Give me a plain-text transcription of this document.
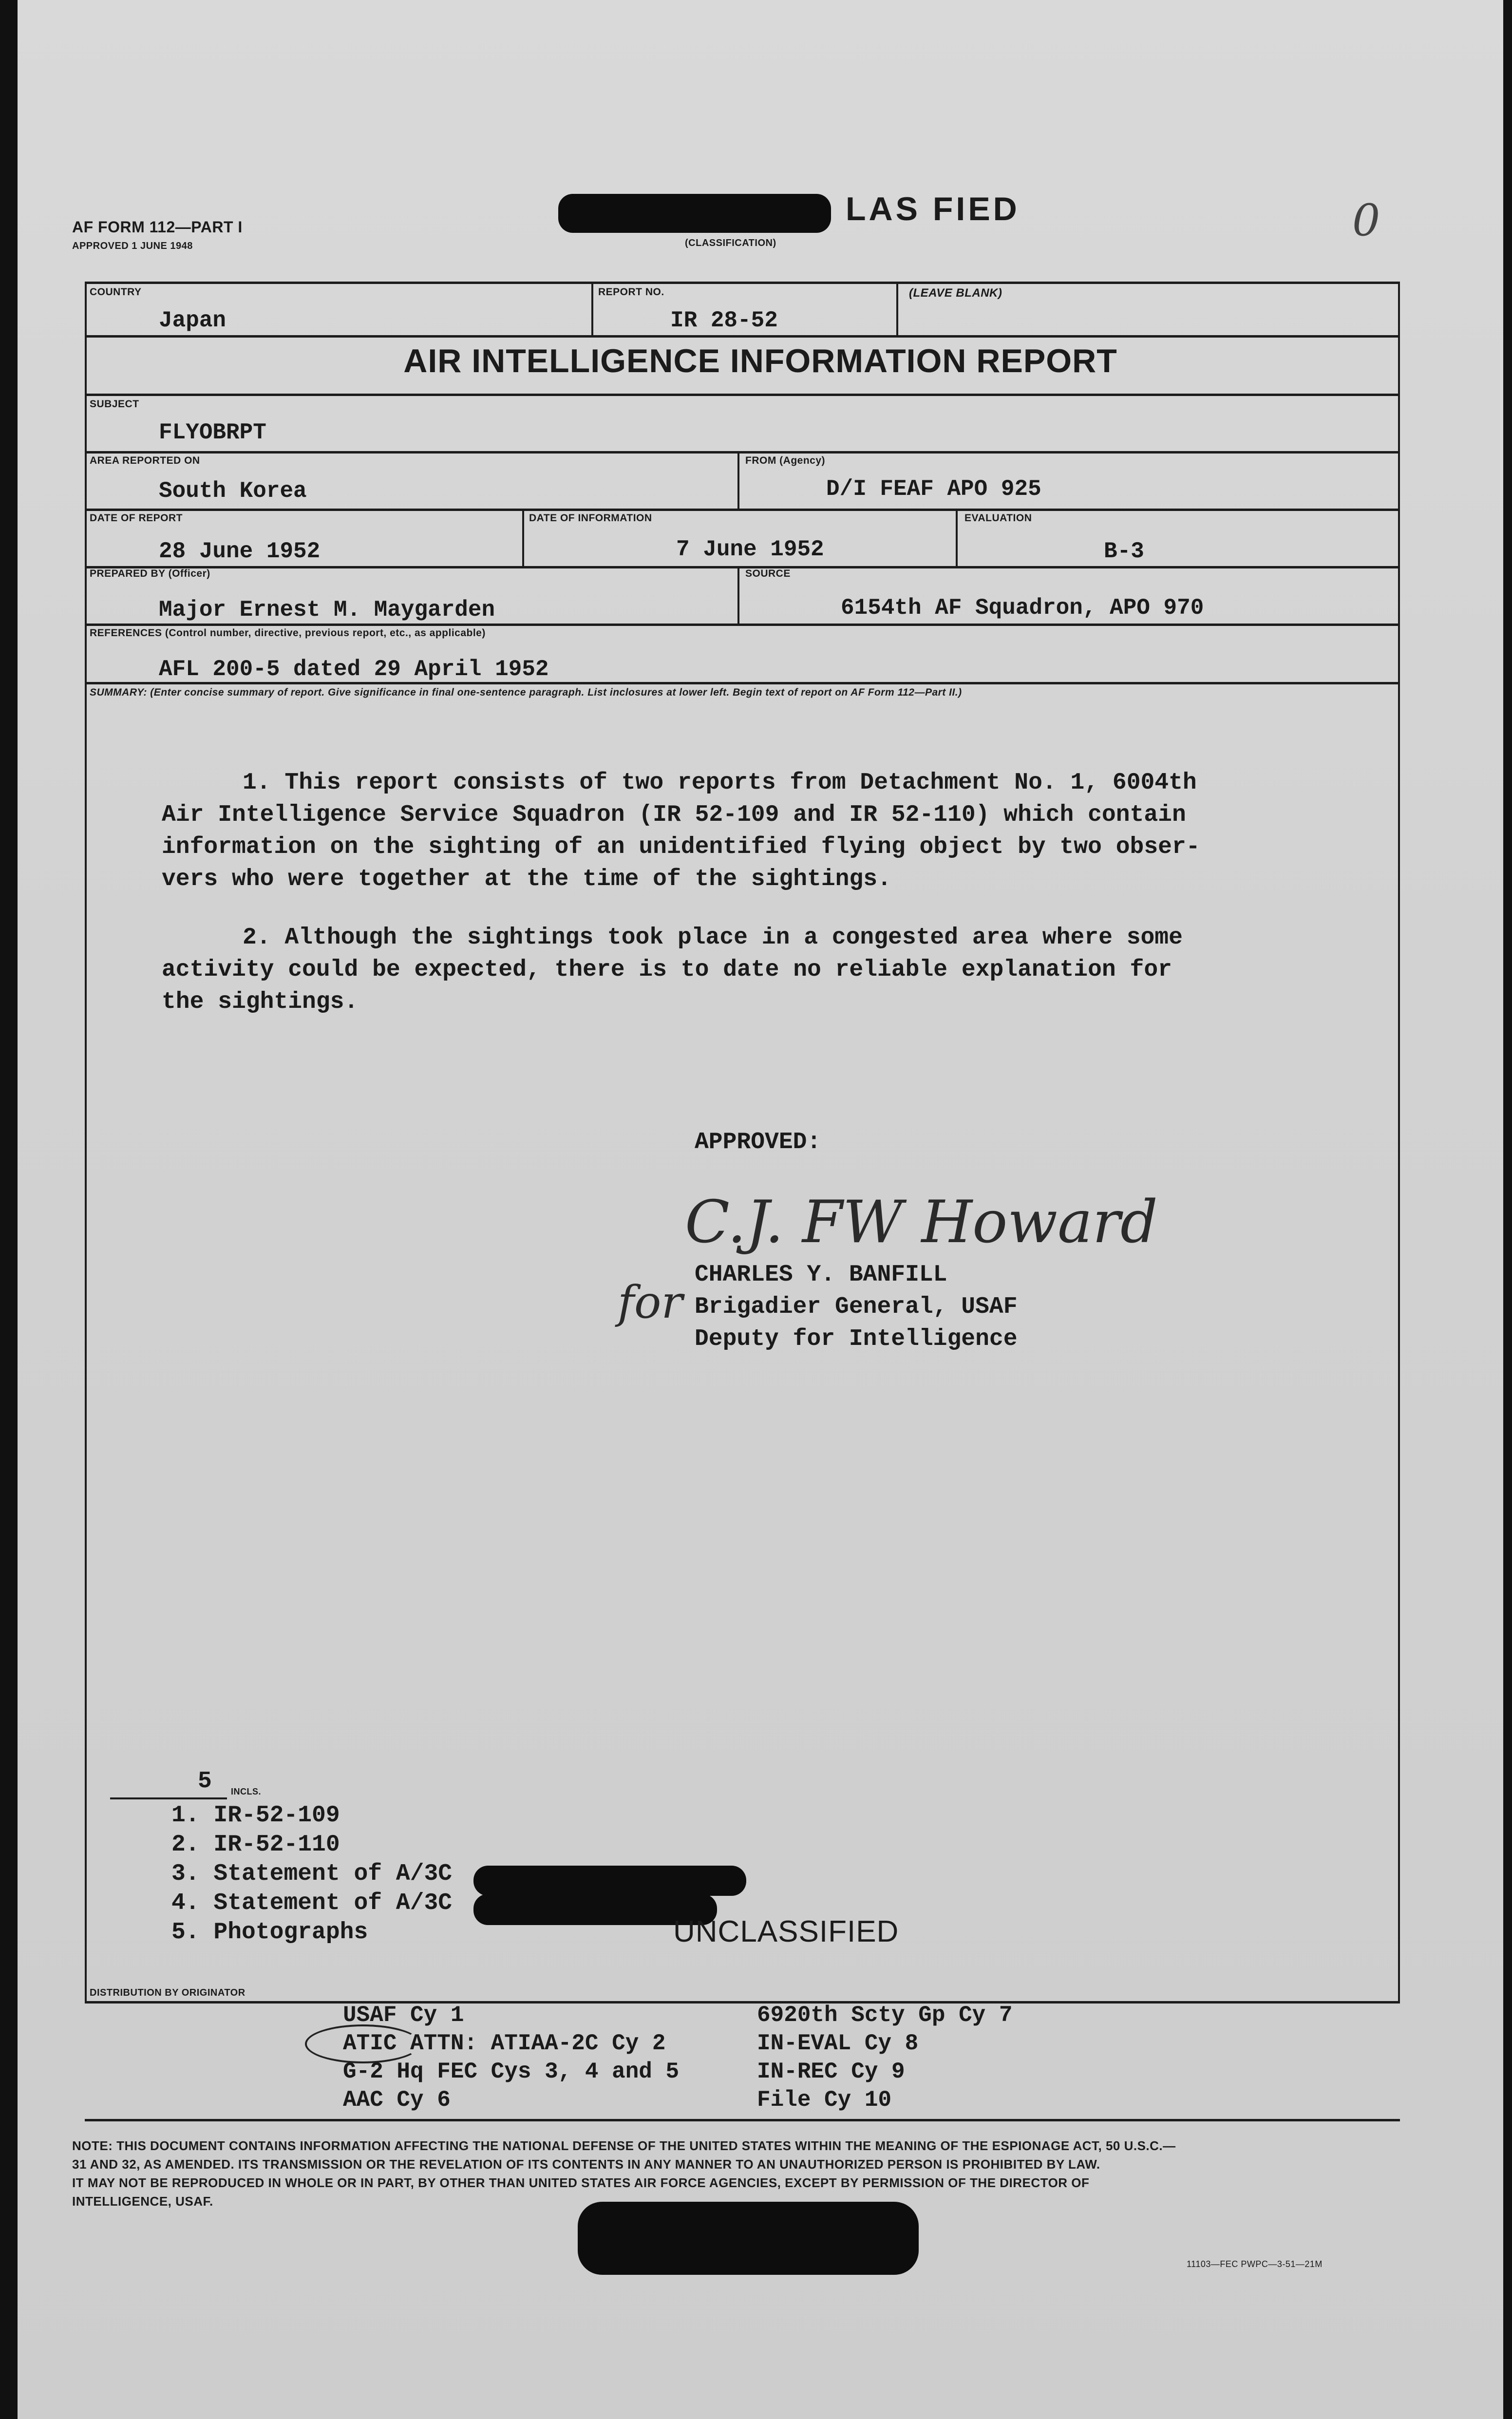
AF FORM 112—PART I
APPROVED 1 JUNE 1948
LAS FIED
(CLASSIFICATION)	0
COUNTRY
Japan
REPORT NO.
IR 28-52
(LEAVE BLANK)
AIR INTELLIGENCE INFORMATION REPORT
SUBJECT
FLYOBRPT
AREA REPORTED ON
South Korea
FROM (Agency)
D/I FEAF APO 925
DATE OF REPORT
28 June 1952
DATE OF INFORMATION
7 June 1952
EVALUATION
B-3
PREPARED BY (Officer)
Major Ernest M. Maygarden
SOURCE
6154th AF Squadron, APO 970
REFERENCES (Control number, directive, previous report, etc., as applicable)
AFL 200-5 dated 29 April 1952
SUMMARY: (Enter concise summary of report. Give significance in final one-sentence paragraph. List inclosures at lower left. Begin text of report on AF Form 112—Part II.)
1. This report consists of two reports from Detachment No. 1, 6004th
Air Intelligence Service Squadron (IR 52-109 and IR 52-110) which contain
information on the sighting of an unidentified flying object by two obser-
vers who were together at the time of the sightings.
2. Although the sightings took place in a congested area where some
activity could be expected, there is to date no reliable explanation for
the sightings.
APPROVED:
C.J. FW Howard
for
CHARLES Y. BANFILL
Brigadier General, USAF
Deputy for Intelligence
5 INCLS.
1. IR-52-109
2. IR-52-110
3. Statement of A/3C
4. Statement of A/3C
5. Photographs	UNCLASSIFIED
DISTRIBUTION BY ORIGINATOR
USAF Cy 1
ATIC ATTN: ATIAA-2C Cy 2
G-2 Hq FEC Cys 3, 4 and 5
AAC Cy 6
6920th Scty Gp Cy 7
IN-EVAL Cy 8
IN-REC Cy 9
File Cy 10
NOTE: THIS DOCUMENT CONTAINS INFORMATION AFFECTING THE NATIONAL DEFENSE OF THE UNITED STATES WITHIN THE MEANING OF THE ESPIONAGE ACT, 50 U.S.C.—
31 AND 32, AS AMENDED. ITS TRANSMISSION OR THE REVELATION OF ITS CONTENTS IN ANY MANNER TO AN UNAUTHORIZED PERSON IS PROHIBITED BY LAW.
IT MAY NOT BE REPRODUCED IN WHOLE OR IN PART, BY OTHER THAN UNITED STATES AIR FORCE AGENCIES, EXCEPT BY PERMISSION OF THE DIRECTOR OF
INTELLIGENCE, USAF.
11103—FEC PWPC—3-51—21M
